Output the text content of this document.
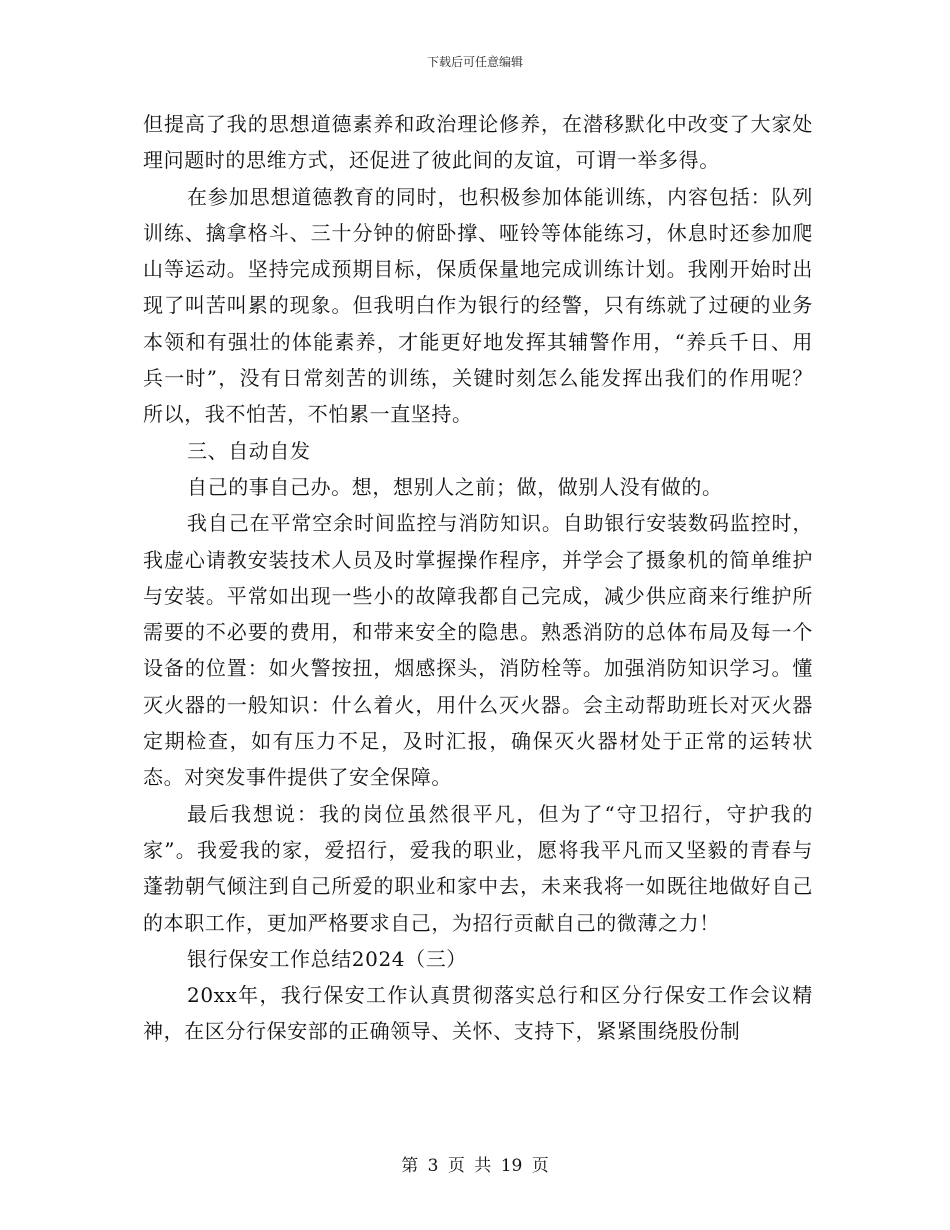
下载后可任意编辑

但提高了我的思想道德素养和政治理论修养，在潜移默化中改变了大家处理问题时的思维方式，还促进了彼此间的友谊，可谓一举多得。

在参加思想道德教育的同时，也积极参加体能训练，内容包括：队列训练、擒拿格斗、三十分钟的俯卧撑、哑铃等体能练习，休息时还参加爬山等运动。坚持完成预期目标，保质保量地完成训练计划。我刚开始时出现了叫苦叫累的现象。但我明白作为银行的经警，只有练就了过硬的业务本领和有强壮的体能素养，才能更好地发挥其辅警作用，“养兵千日、用兵一时”，没有日常刻苦的训练，关键时刻怎么能发挥出我们的作用呢？所以，我不怕苦，不怕累一直坚持。

三、自动自发

自己的事自己办。想，想别人之前；做，做别人没有做的。

我自己在平常空余时间监控与消防知识。自助银行安装数码监控时，我虚心请教安装技术人员及时掌握操作程序，并学会了摄象机的简单维护与安装。平常如出现一些小的故障我都自己完成，减少供应商来行维护所需要的不必要的费用，和带来安全的隐患。熟悉消防的总体布局及每一个设备的位置：如火警按扭，烟感探头，消防栓等。加强消防知识学习。懂灭火器的一般知识：什么着火，用什么灭火器。会主动帮助班长对灭火器定期检查，如有压力不足，及时汇报，确保灭火器材处于正常的运转状态。对突发事件提供了安全保障。

最后我想说：我的岗位虽然很平凡，但为了“守卫招行，守护我的家”。我爱我的家，爱招行，爱我的职业，愿将我平凡而又坚毅的青春与蓬勃朝气倾注到自己所爱的职业和家中去，未来我将一如既往地做好自己的本职工作，更加严格要求自己，为招行贡献自己的微薄之力！

银行保安工作总结2024（三）

20xx年，我行保安工作认真贯彻落实总行和区分行保安工作会议精神，在区分行保安部的正确领导、关怀、支持下，紧紧围绕股份制

第 3 页 共 19 页
